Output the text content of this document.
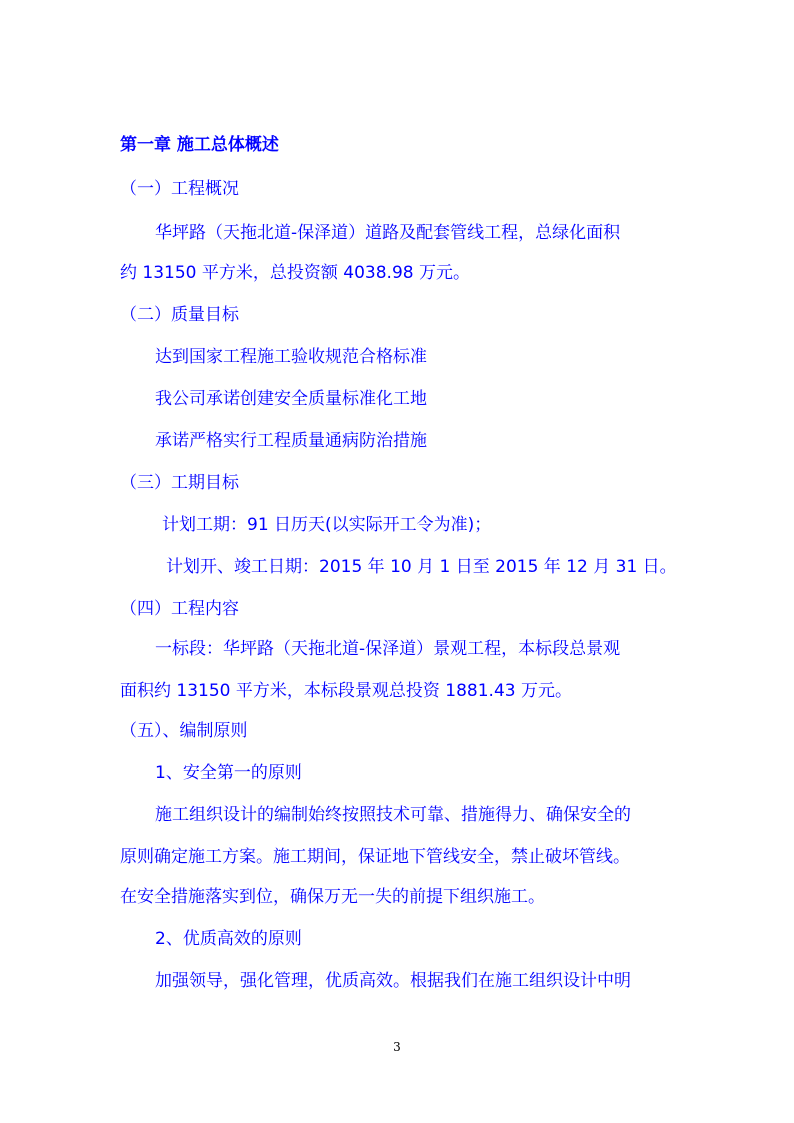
第一章 施工总体概述
（一）工程概况
华坪路（天拖北道-保泽道）道路及配套管线工程，总绿化面积
约 13150 平方米，总投资额 4038.98 万元。
（二）质量目标
达到国家工程施工验收规范合格标准
我公司承诺创建安全质量标准化工地
承诺严格实行工程质量通病防治措施
（三）工期目标
计划工期：91 日历天(以实际开工令为准)；
计划开、竣工日期：2015 年 10 月 1 日至 2015 年 12 月 31 日。
（四）工程内容
一标段：华坪路（天拖北道-保泽道）景观工程，本标段总景观
面积约 13150 平方米，本标段景观总投资 1881.43 万元。
（五）、编制原则
1、安全第一的原则
施工组织设计的编制始终按照技术可靠、措施得力、确保安全的
原则确定施工方案。施工期间，保证地下管线安全，禁止破坏管线。
在安全措施落实到位，确保万无一失的前提下组织施工。
2、优质高效的原则
加强领导，强化管理，优质高效。根据我们在施工组织设计中明
3
